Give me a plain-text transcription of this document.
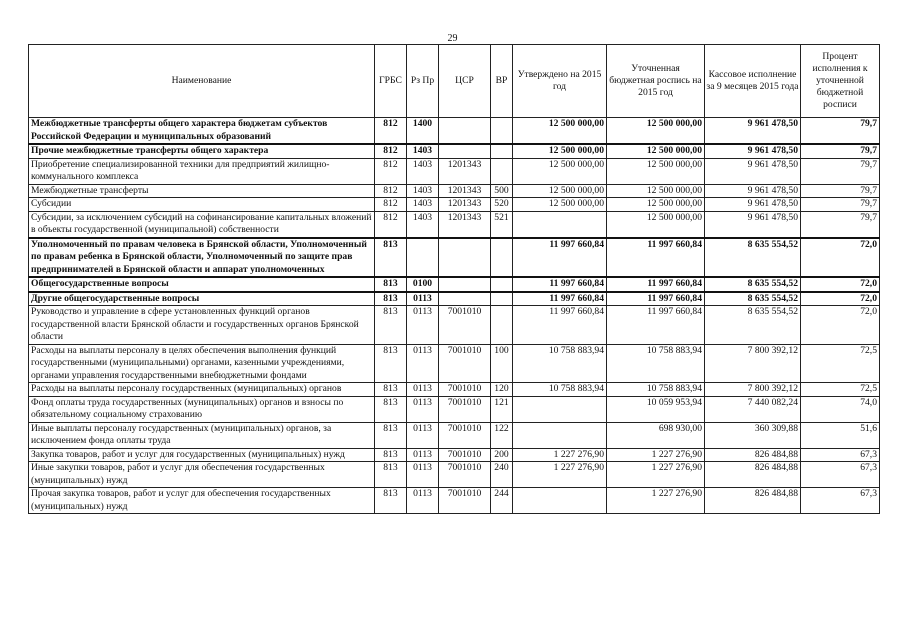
29
Наименование	ГРБС	Рз Пр	ЦСР	ВР	Утверждено на 2015 год	Уточненная бюджетная роспись на 2015 год	Кассовое исполнение за 9 месяцев 2015 года	Процент исполнения к уточненной бюджетной росписи
Межбюджетные трансферты общего характера бюджетам субъектов Российской Федерации и муниципальных образований	812	1400			12 500 000,00	12 500 000,00	9 961 478,50	79,7
Прочие межбюджетные трансферты общего характера	812	1403			12 500 000,00	12 500 000,00	9 961 478,50	79,7
Приобретение специализированной техники для предприятий жилищно-коммунального комплекса	812	1403	1201343		12 500 000,00	12 500 000,00	9 961 478,50	79,7
Межбюджетные трансферты	812	1403	1201343	500	12 500 000,00	12 500 000,00	9 961 478,50	79,7
Субсидии	812	1403	1201343	520	12 500 000,00	12 500 000,00	9 961 478,50	79,7
Субсидии, за исключением субсидий на софинансирование капитальных вложений в объекты государственной (муниципальной) собственности	812	1403	1201343	521		12 500 000,00	9 961 478,50	79,7
Уполномоченный по правам человека в Брянской области, Уполномоченный по правам ребенка в Брянской области, Уполномоченный по защите прав предпринимателей в Брянской области и аппарат уполномоченных	813				11 997 660,84	11 997 660,84	8 635 554,52	72,0
Общегосударственные вопросы	813	0100			11 997 660,84	11 997 660,84	8 635 554,52	72,0
Другие общегосударственные вопросы	813	0113			11 997 660,84	11 997 660,84	8 635 554,52	72,0
Руководство и управление в сфере установленных функций органов государственной власти Брянской области и государственных органов Брянской области	813	0113	7001010		11 997 660,84	11 997 660,84	8 635 554,52	72,0
Расходы на выплаты персоналу в целях обеспечения выполнения функций государственными (муниципальными) органами, казенными учреждениями, органами управления государственными внебюджетными фондами	813	0113	7001010	100	10 758 883,94	10 758 883,94	7 800 392,12	72,5
Расходы на выплаты персоналу государственных (муниципальных) органов	813	0113	7001010	120	10 758 883,94	10 758 883,94	7 800 392,12	72,5
Фонд оплаты труда государственных (муниципальных) органов и взносы по обязательному социальному страхованию	813	0113	7001010	121		10 059 953,94	7 440 082,24	74,0
Иные выплаты персоналу государственных (муниципальных) органов, за исключением фонда оплаты труда	813	0113	7001010	122		698 930,00	360 309,88	51,6
Закупка товаров, работ и услуг для государственных (муниципальных) нужд	813	0113	7001010	200	1 227 276,90	1 227 276,90	826 484,88	67,3
Иные закупки товаров, работ и услуг для обеспечения государственных (муниципальных) нужд	813	0113	7001010	240	1 227 276,90	1 227 276,90	826 484,88	67,3
Прочая закупка товаров, работ и услуг для обеспечения государственных (муниципальных) нужд	813	0113	7001010	244		1 227 276,90	826 484,88	67,3
